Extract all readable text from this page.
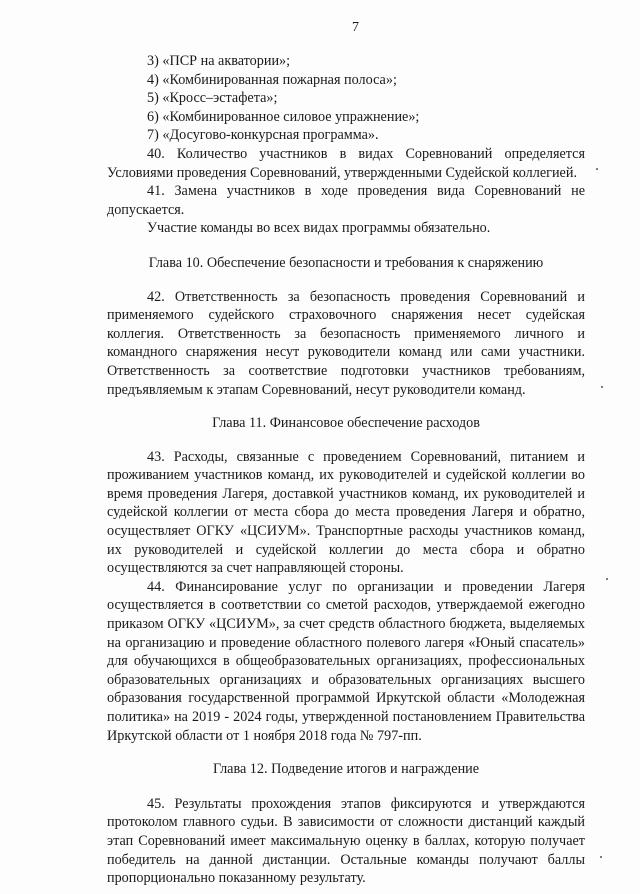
7

3) «ПСР на акватории»;

4) «Комбинированная пожарная полоса»;

5) «Кросс–эстафета»;

6) «Комбинированное силовое упражнение»;

7) «Досугово-конкурсная программа».

40. Количество участников в видах Соревнований определяется Условиями проведения Соревнований, утвержденными Судейской коллегией.

41. Замена участников в ходе проведения вида Соревнований не допускается.

Участие команды во всех видах программы обязательно.

Глава 10. Обеспечение безопасности и требования к снаряжению

42. Ответственность за безопасность проведения Соревнований и применяемого судейского страховочного снаряжения несет судейская коллегия. Ответственность за безопасность применяемого личного и командного снаряжения несут руководители команд или сами участники. Ответственность за соответствие подготовки участников требованиям, предъявляемым к этапам Соревнований, несут руководители команд.

Глава 11. Финансовое обеспечение расходов

43. Расходы, связанные с проведением Соревнований, питанием и проживанием участников команд, их руководителей и судейской коллегии во время проведения Лагеря, доставкой участников команд, их руководителей и судейской коллегии от места сбора до места проведения Лагеря и обратно, осуществляет ОГКУ «ЦСИУМ». Транспортные расходы участников команд, их руководителей и судейской коллегии до места сбора и обратно осуществляются за счет направляющей стороны.

44. Финансирование услуг по организации и проведении Лагеря осуществляется в соответствии со сметой расходов, утверждаемой ежегодно приказом ОГКУ «ЦСИУМ», за счет средств областного бюджета, выделяемых на организацию и проведение областного полевого лагеря «Юный спасатель» для обучающихся в общеобразовательных организациях, профессиональных образовательных организациях и образовательных организациях высшего образования государственной программой Иркутской области «Молодежная политика» на 2019 - 2024 годы, утвержденной постановлением Правительства Иркутской области от 1 ноября 2018 года № 797-пп.

Глава 12. Подведение итогов и награждение

45. Результаты прохождения этапов фиксируются и утверждаются протоколом главного судьи. В зависимости от сложности дистанций каждый этап Соревнований имеет максимальную оценку в баллах, которую получает победитель на данной дистанции. Остальные команды получают баллы пропорционально показанному результату.
